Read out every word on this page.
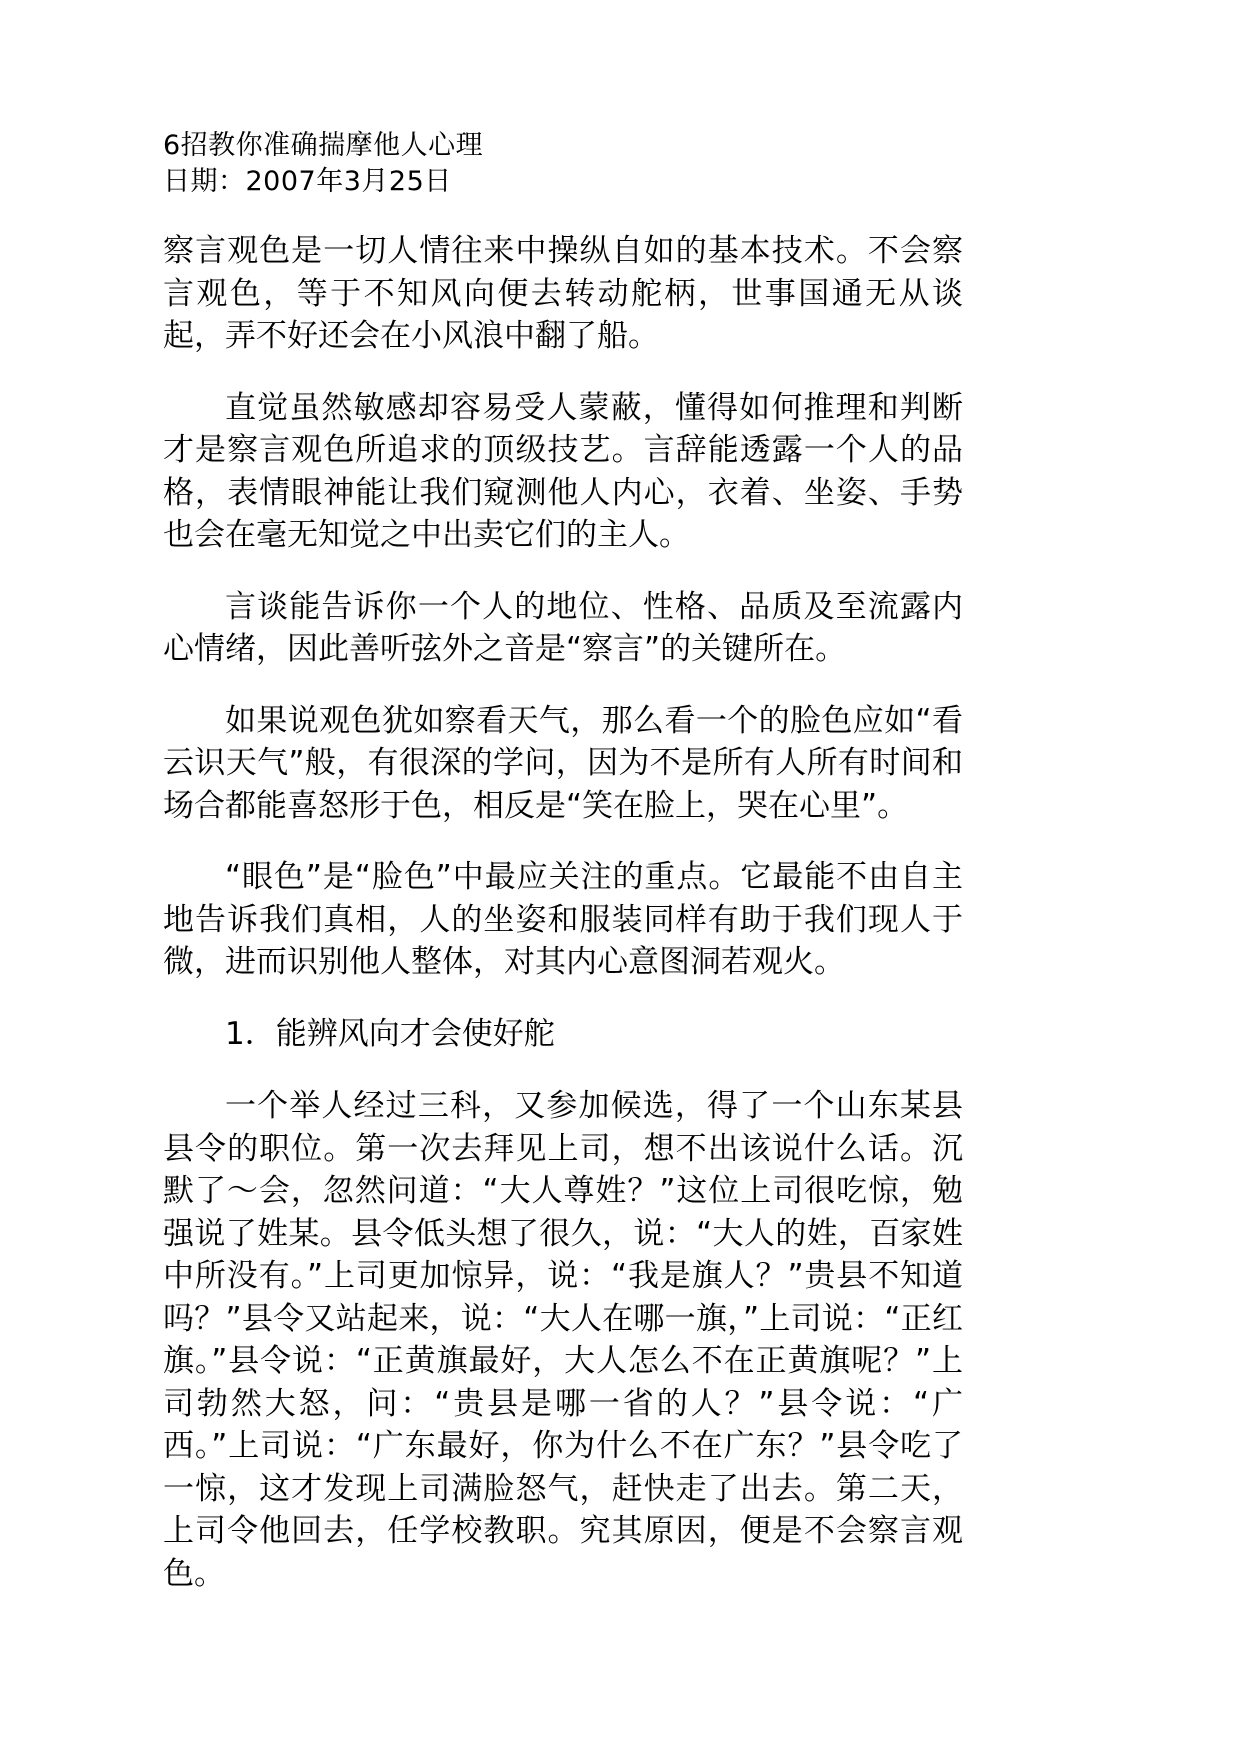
6招教你准确揣摩他人心理
日期：2007年3月25日

察言观色是一切人情往来中操纵自如的基本技术。不会察言观色，等于不知风向便去转动舵柄，世事国通无从谈起，弄不好还会在小风浪中翻了船。

直觉虽然敏感却容易受人蒙蔽，懂得如何推理和判断才是察言观色所追求的顶级技艺。言辞能透露一个人的品格，表情眼神能让我们窥测他人内心，衣着、坐姿、手势也会在毫无知觉之中出卖它们的主人。

言谈能告诉你一个人的地位、性格、品质及至流露内心情绪，因此善听弦外之音是“察言”的关键所在。

如果说观色犹如察看天气，那么看一个的脸色应如“看云识天气”般，有很深的学问，因为不是所有人所有时间和场合都能喜怒形于色，相反是“笑在脸上，哭在心里”。

“眼色”是“脸色”中最应关注的重点。它最能不由自主地告诉我们真相，人的坐姿和服装同样有助于我们现人于微，进而识别他人整体，对其内心意图洞若观火。

1．能辨风向才会使好舵

一个举人经过三科，又参加候选，得了一个山东某县县令的职位。第一次去拜见上司，想不出该说什么话。沉默了～会，忽然问道：“大人尊姓？”这位上司很吃惊，勉强说了姓某。县令低头想了很久，说：“大人的姓，百家姓中所没有。”上司更加惊异，说：“我是旗人？”贵县不知道吗？”县令又站起来，说：“大人在哪一旗，”上司说：“正红旗。”县令说：“正黄旗最好，大人怎么不在正黄旗呢？”上司勃然大怒，问：“贵县是哪一省的人？”县令说：“广西。”上司说：“广东最好，你为什么不在广东？”县令吃了一惊，这才发现上司满脸怒气，赶快走了出去。第二天，上司令他回去，任学校教职。究其原因，便是不会察言观色。
